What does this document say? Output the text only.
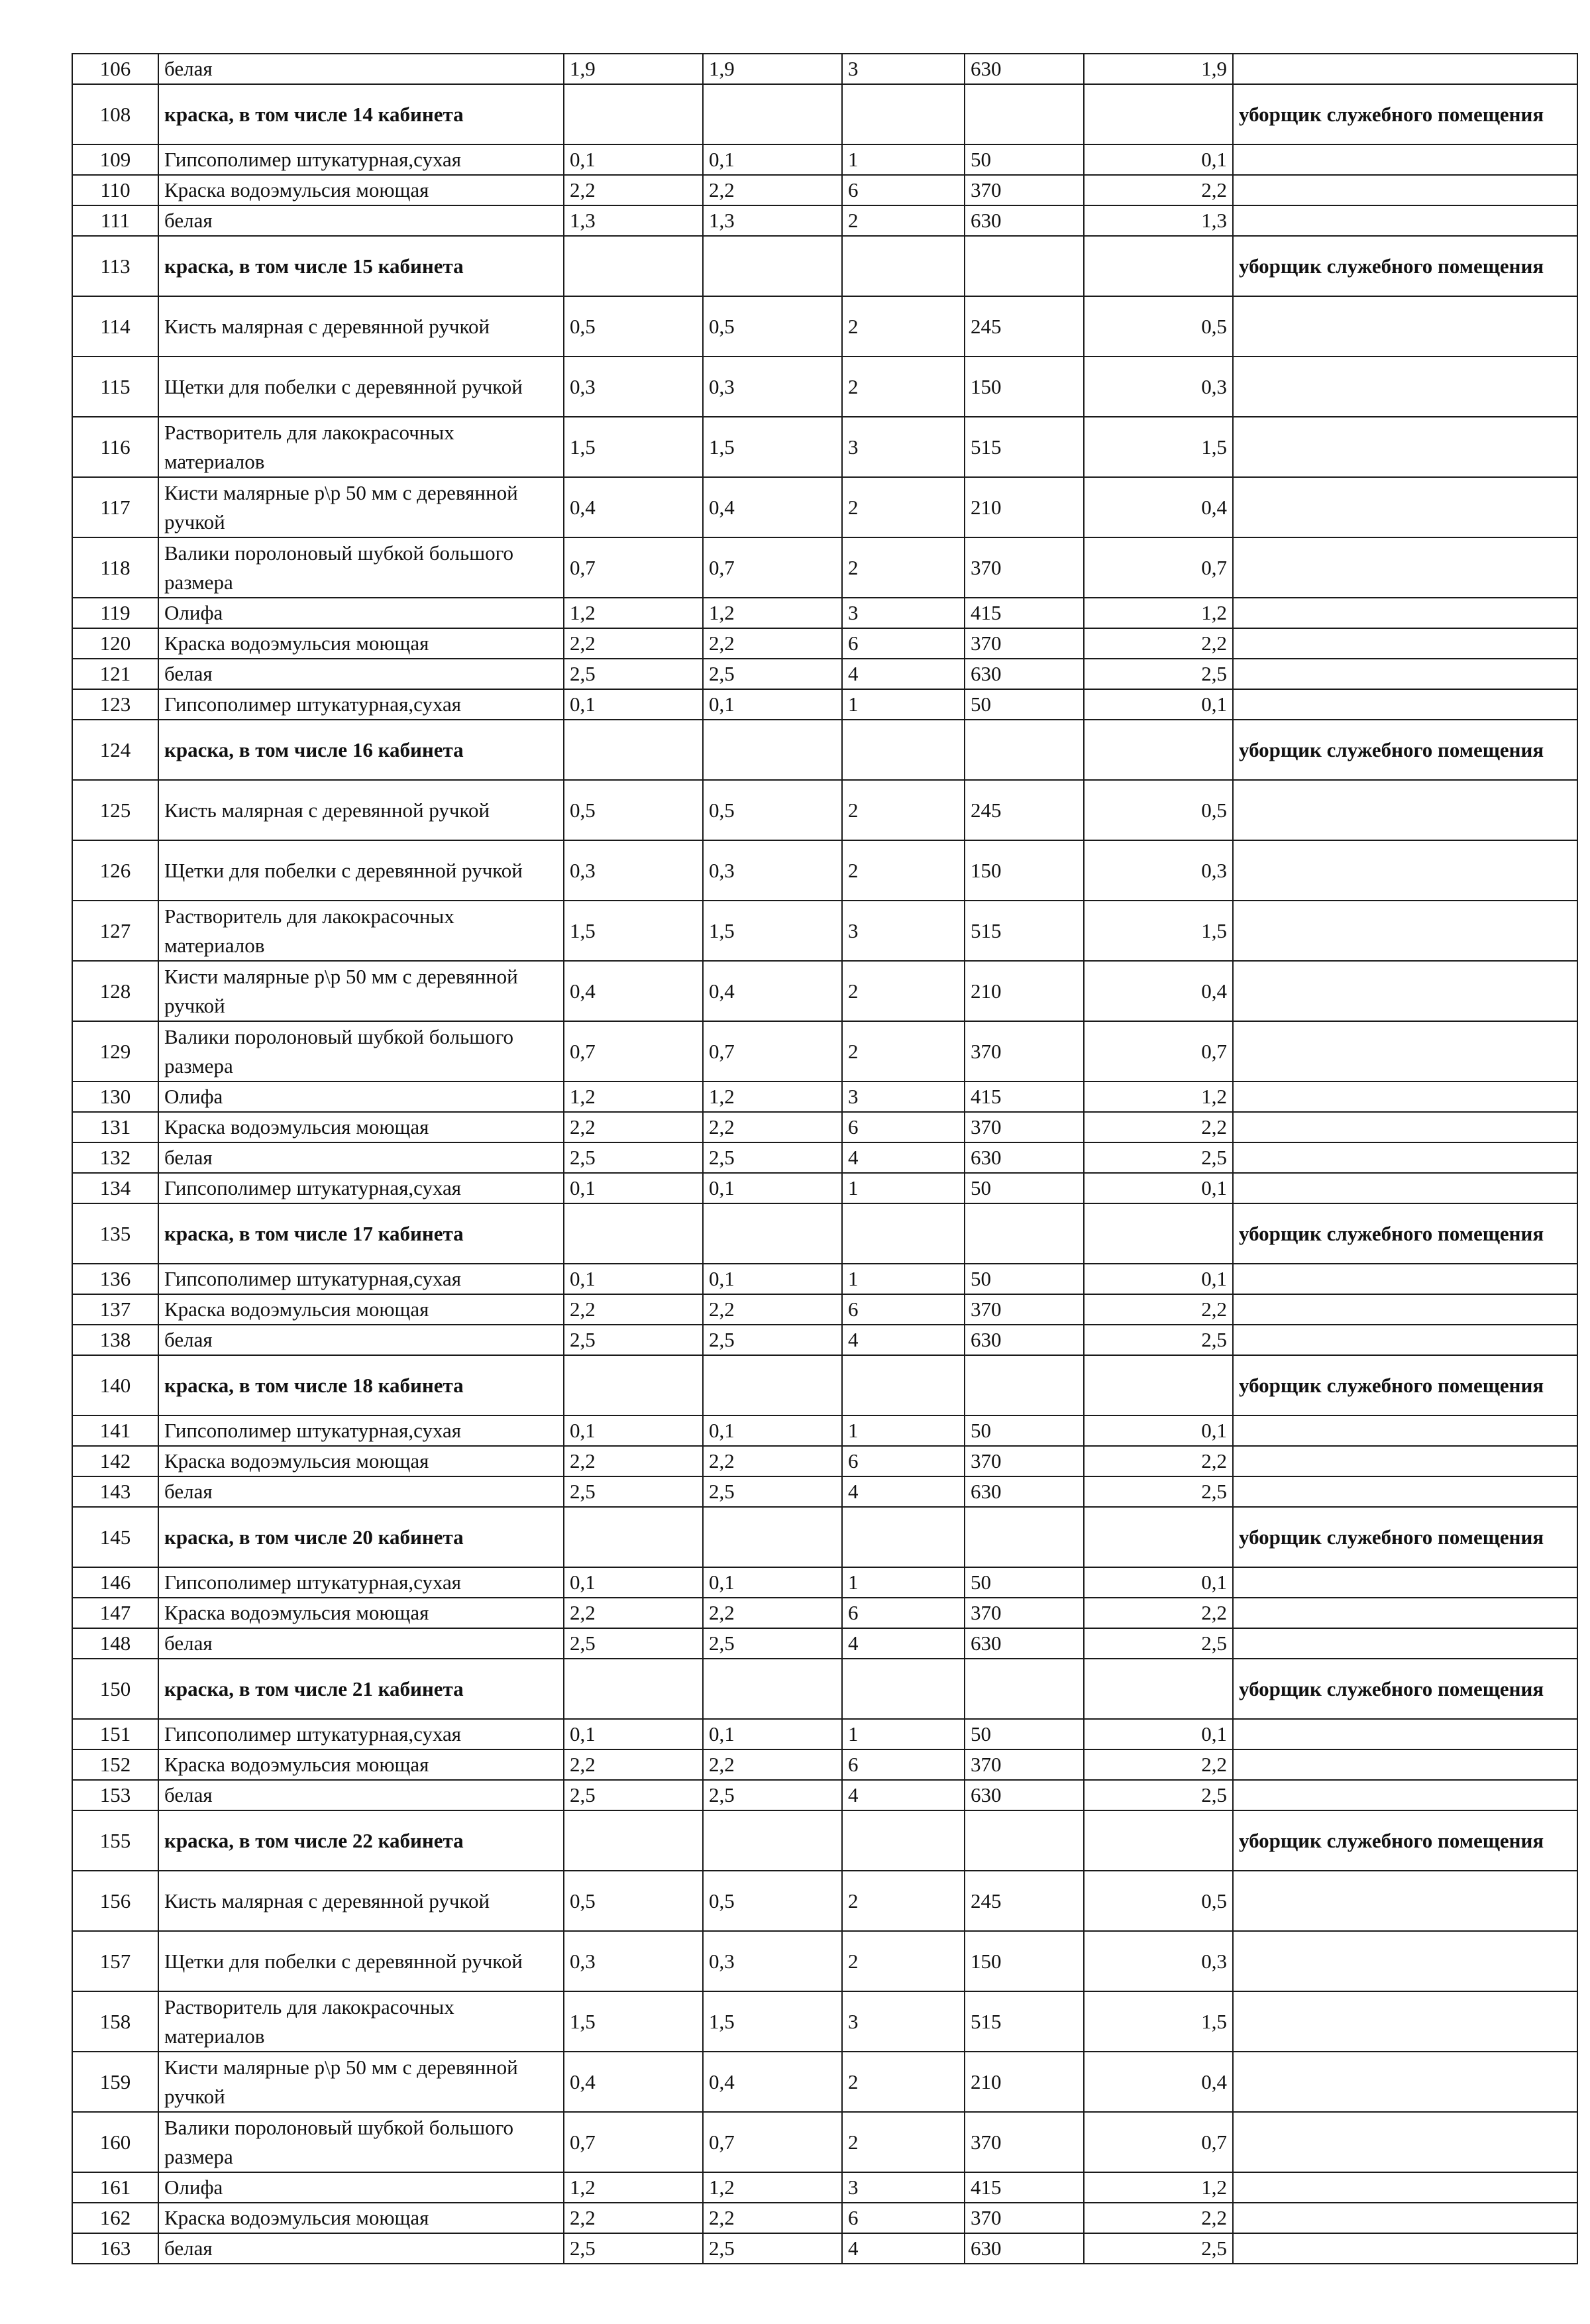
106	белая	1,9	1,9	3	630	1,9	
108	краска, в том числе 14 кабинета						уборщик служебного помещения
109	Гипсополимер штукатурная,сухая	0,1	0,1	1	50	0,1	
110	Краска водоэмульсия моющая	2,2	2,2	6	370	2,2	
111	белая	1,3	1,3	2	630	1,3	
113	краска, в том числе 15 кабинета						уборщик служебного помещения
114	Кисть малярная с деревянной ручкой	0,5	0,5	2	245	0,5	
115	Щетки для побелки с деревянной ручкой	0,3	0,3	2	150	0,3	
116	Растворитель для лакокрасочных материалов	1,5	1,5	3	515	1,5	
117	Кисти малярные р\р 50 мм с деревянной ручкой	0,4	0,4	2	210	0,4	
118	Валики поролоновый шубкой большого размера	0,7	0,7	2	370	0,7	
119	Олифа	1,2	1,2	3	415	1,2	
120	Краска водоэмульсия моющая	2,2	2,2	6	370	2,2	
121	белая	2,5	2,5	4	630	2,5	
123	Гипсополимер штукатурная,сухая	0,1	0,1	1	50	0,1	
124	краска, в том числе 16 кабинета						уборщик служебного помещения
125	Кисть малярная с деревянной ручкой	0,5	0,5	2	245	0,5	
126	Щетки для побелки с деревянной ручкой	0,3	0,3	2	150	0,3	
127	Растворитель для лакокрасочных материалов	1,5	1,5	3	515	1,5	
128	Кисти малярные р\р 50 мм с деревянной ручкой	0,4	0,4	2	210	0,4	
129	Валики поролоновый шубкой большого размера	0,7	0,7	2	370	0,7	
130	Олифа	1,2	1,2	3	415	1,2	
131	Краска водоэмульсия моющая	2,2	2,2	6	370	2,2	
132	белая	2,5	2,5	4	630	2,5	
134	Гипсополимер штукатурная,сухая	0,1	0,1	1	50	0,1	
135	краска, в том числе 17 кабинета						уборщик служебного помещения
136	Гипсополимер штукатурная,сухая	0,1	0,1	1	50	0,1	
137	Краска водоэмульсия моющая	2,2	2,2	6	370	2,2	
138	белая	2,5	2,5	4	630	2,5	
140	краска, в том числе 18 кабинета						уборщик служебного помещения
141	Гипсополимер штукатурная,сухая	0,1	0,1	1	50	0,1	
142	Краска водоэмульсия моющая	2,2	2,2	6	370	2,2	
143	белая	2,5	2,5	4	630	2,5	
145	краска, в том числе 20 кабинета						уборщик служебного помещения
146	Гипсополимер штукатурная,сухая	0,1	0,1	1	50	0,1	
147	Краска водоэмульсия моющая	2,2	2,2	6	370	2,2	
148	белая	2,5	2,5	4	630	2,5	
150	краска, в том числе 21 кабинета						уборщик служебного помещения
151	Гипсополимер штукатурная,сухая	0,1	0,1	1	50	0,1	
152	Краска водоэмульсия моющая	2,2	2,2	6	370	2,2	
153	белая	2,5	2,5	4	630	2,5	
155	краска, в том числе 22 кабинета						уборщик служебного помещения
156	Кисть малярная с деревянной ручкой	0,5	0,5	2	245	0,5	
157	Щетки для побелки с деревянной ручкой	0,3	0,3	2	150	0,3	
158	Растворитель для лакокрасочных материалов	1,5	1,5	3	515	1,5	
159	Кисти малярные р\р 50 мм с деревянной ручкой	0,4	0,4	2	210	0,4	
160	Валики поролоновый шубкой большого размера	0,7	0,7	2	370	0,7	
161	Олифа	1,2	1,2	3	415	1,2	
162	Краска водоэмульсия моющая	2,2	2,2	6	370	2,2	
163	белая	2,5	2,5	4	630	2,5	
